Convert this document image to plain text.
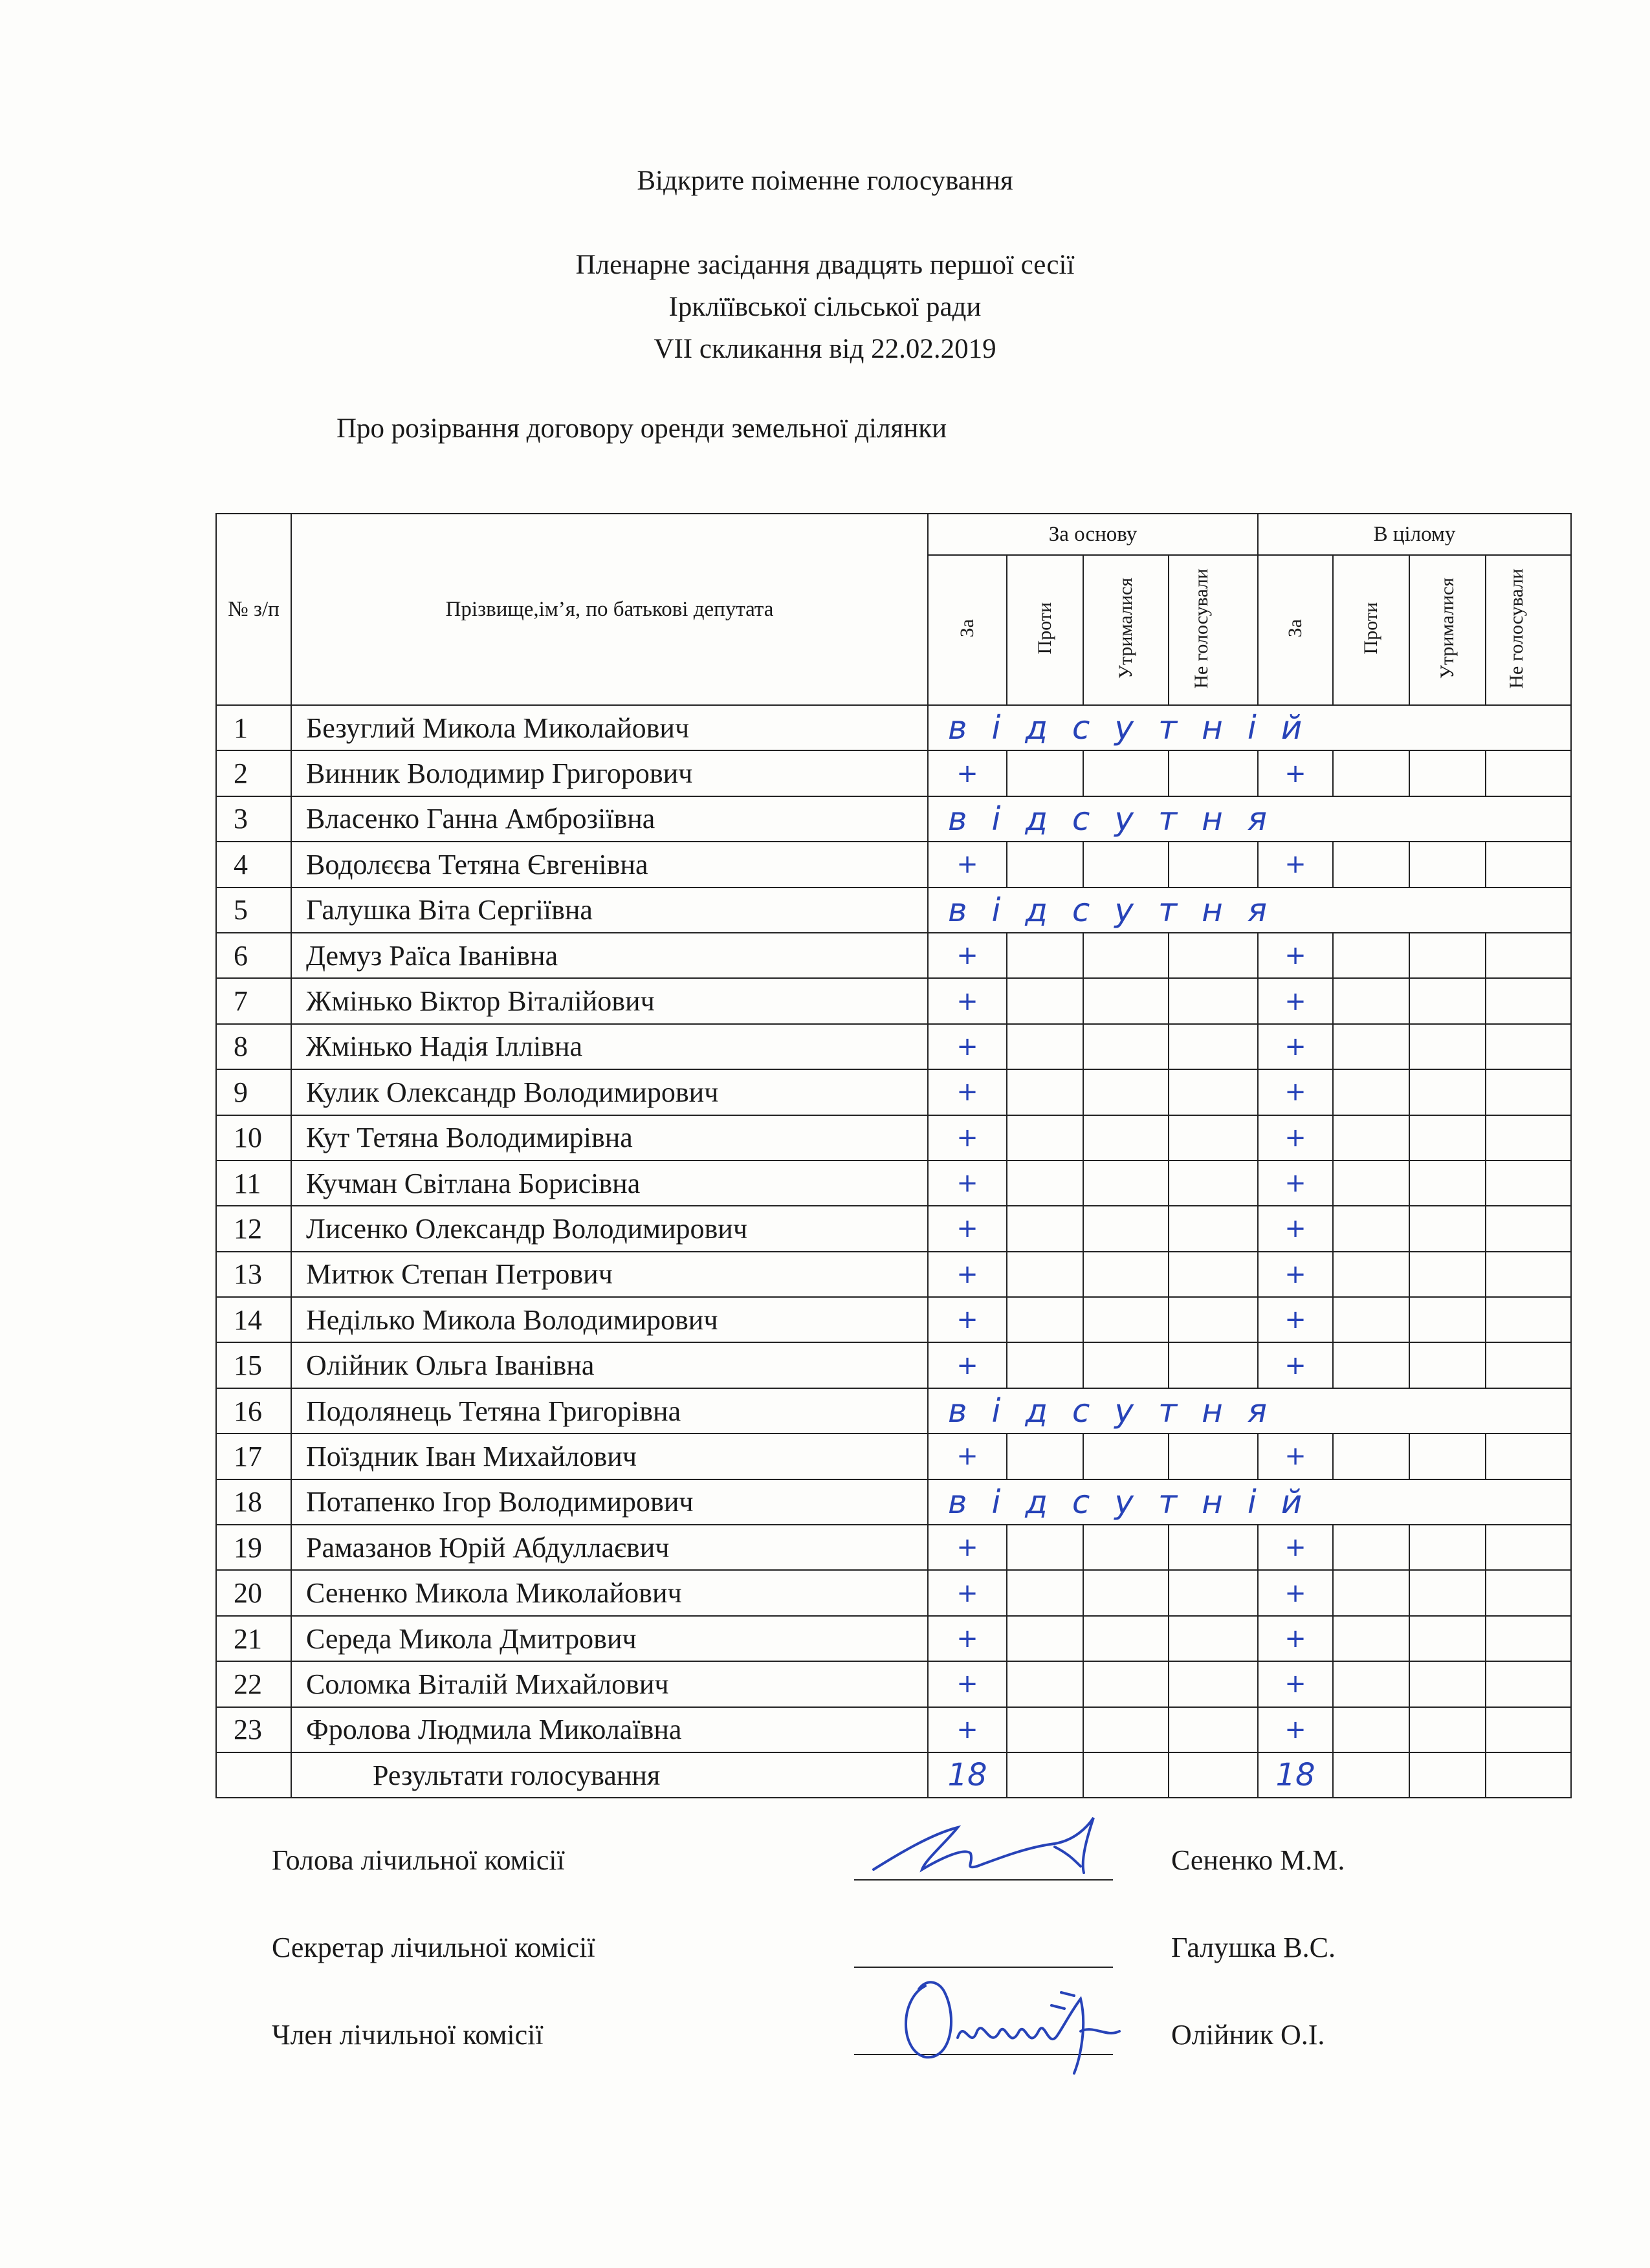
Відкрите поіменне голосування
Пленарне засідання двадцять першої сесії
Ірклїївської сільської ради
VII скликання від 22.02.2019
Про розірвання договору оренди земельної ділянки
№ з/п	Прізвище,ім’я, по батькові депутата	За основу				В цілому			
		За	Проти	Утрималися	Не голосували	За	Проти	Утрималися	Не голосували
1	Безуглий Микола Миколайович	відсутній							
2	Винник Володимир Григорович	+				+			
3	Власенко Ганна Амброзіївна	відсутня							
4	Водолєєва Тетяна Євгенівна	+				+			
5	Галушка Віта Сергіївна	відсутня							
6	Демуз Раїса Іванівна	+				+			
7	Жмінько Віктор Віталійович	+				+			
8	Жмінько Надія Іллівна	+				+			
9	Кулик Олександр Володимирович	+				+			
10	Кут Тетяна Володимирівна	+				+			
11	Кучман Світлана Борисівна	+				+			
12	Лисенко Олександр Володимирович	+				+			
13	Митюк Степан Петрович	+				+			
14	Неділько Микола Володимирович	+				+			
15	Олійник Ольга Іванівна	+				+			
16	Подолянець Тетяна Григорівна	відсутня							
17	Поїздник Іван Михайлович	+				+			
18	Потапенко Ігор Володимирович	відсутній							
19	Рамазанов Юрій Абдуллаєвич	+				+			
20	Сененко Микола Миколайович	+				+			
21	Середа Микола Дмитрович	+				+			
22	Соломка Віталій Михайлович	+				+			
23	Фролова Людмила Миколаївна	+				+			
	Результати голосування	18				18			
Голова лічильної комісії	Сененко М.М.
Секретар лічильної комісії	Галушка В.С.
Член лічильної комісії	Олійник О.І.
